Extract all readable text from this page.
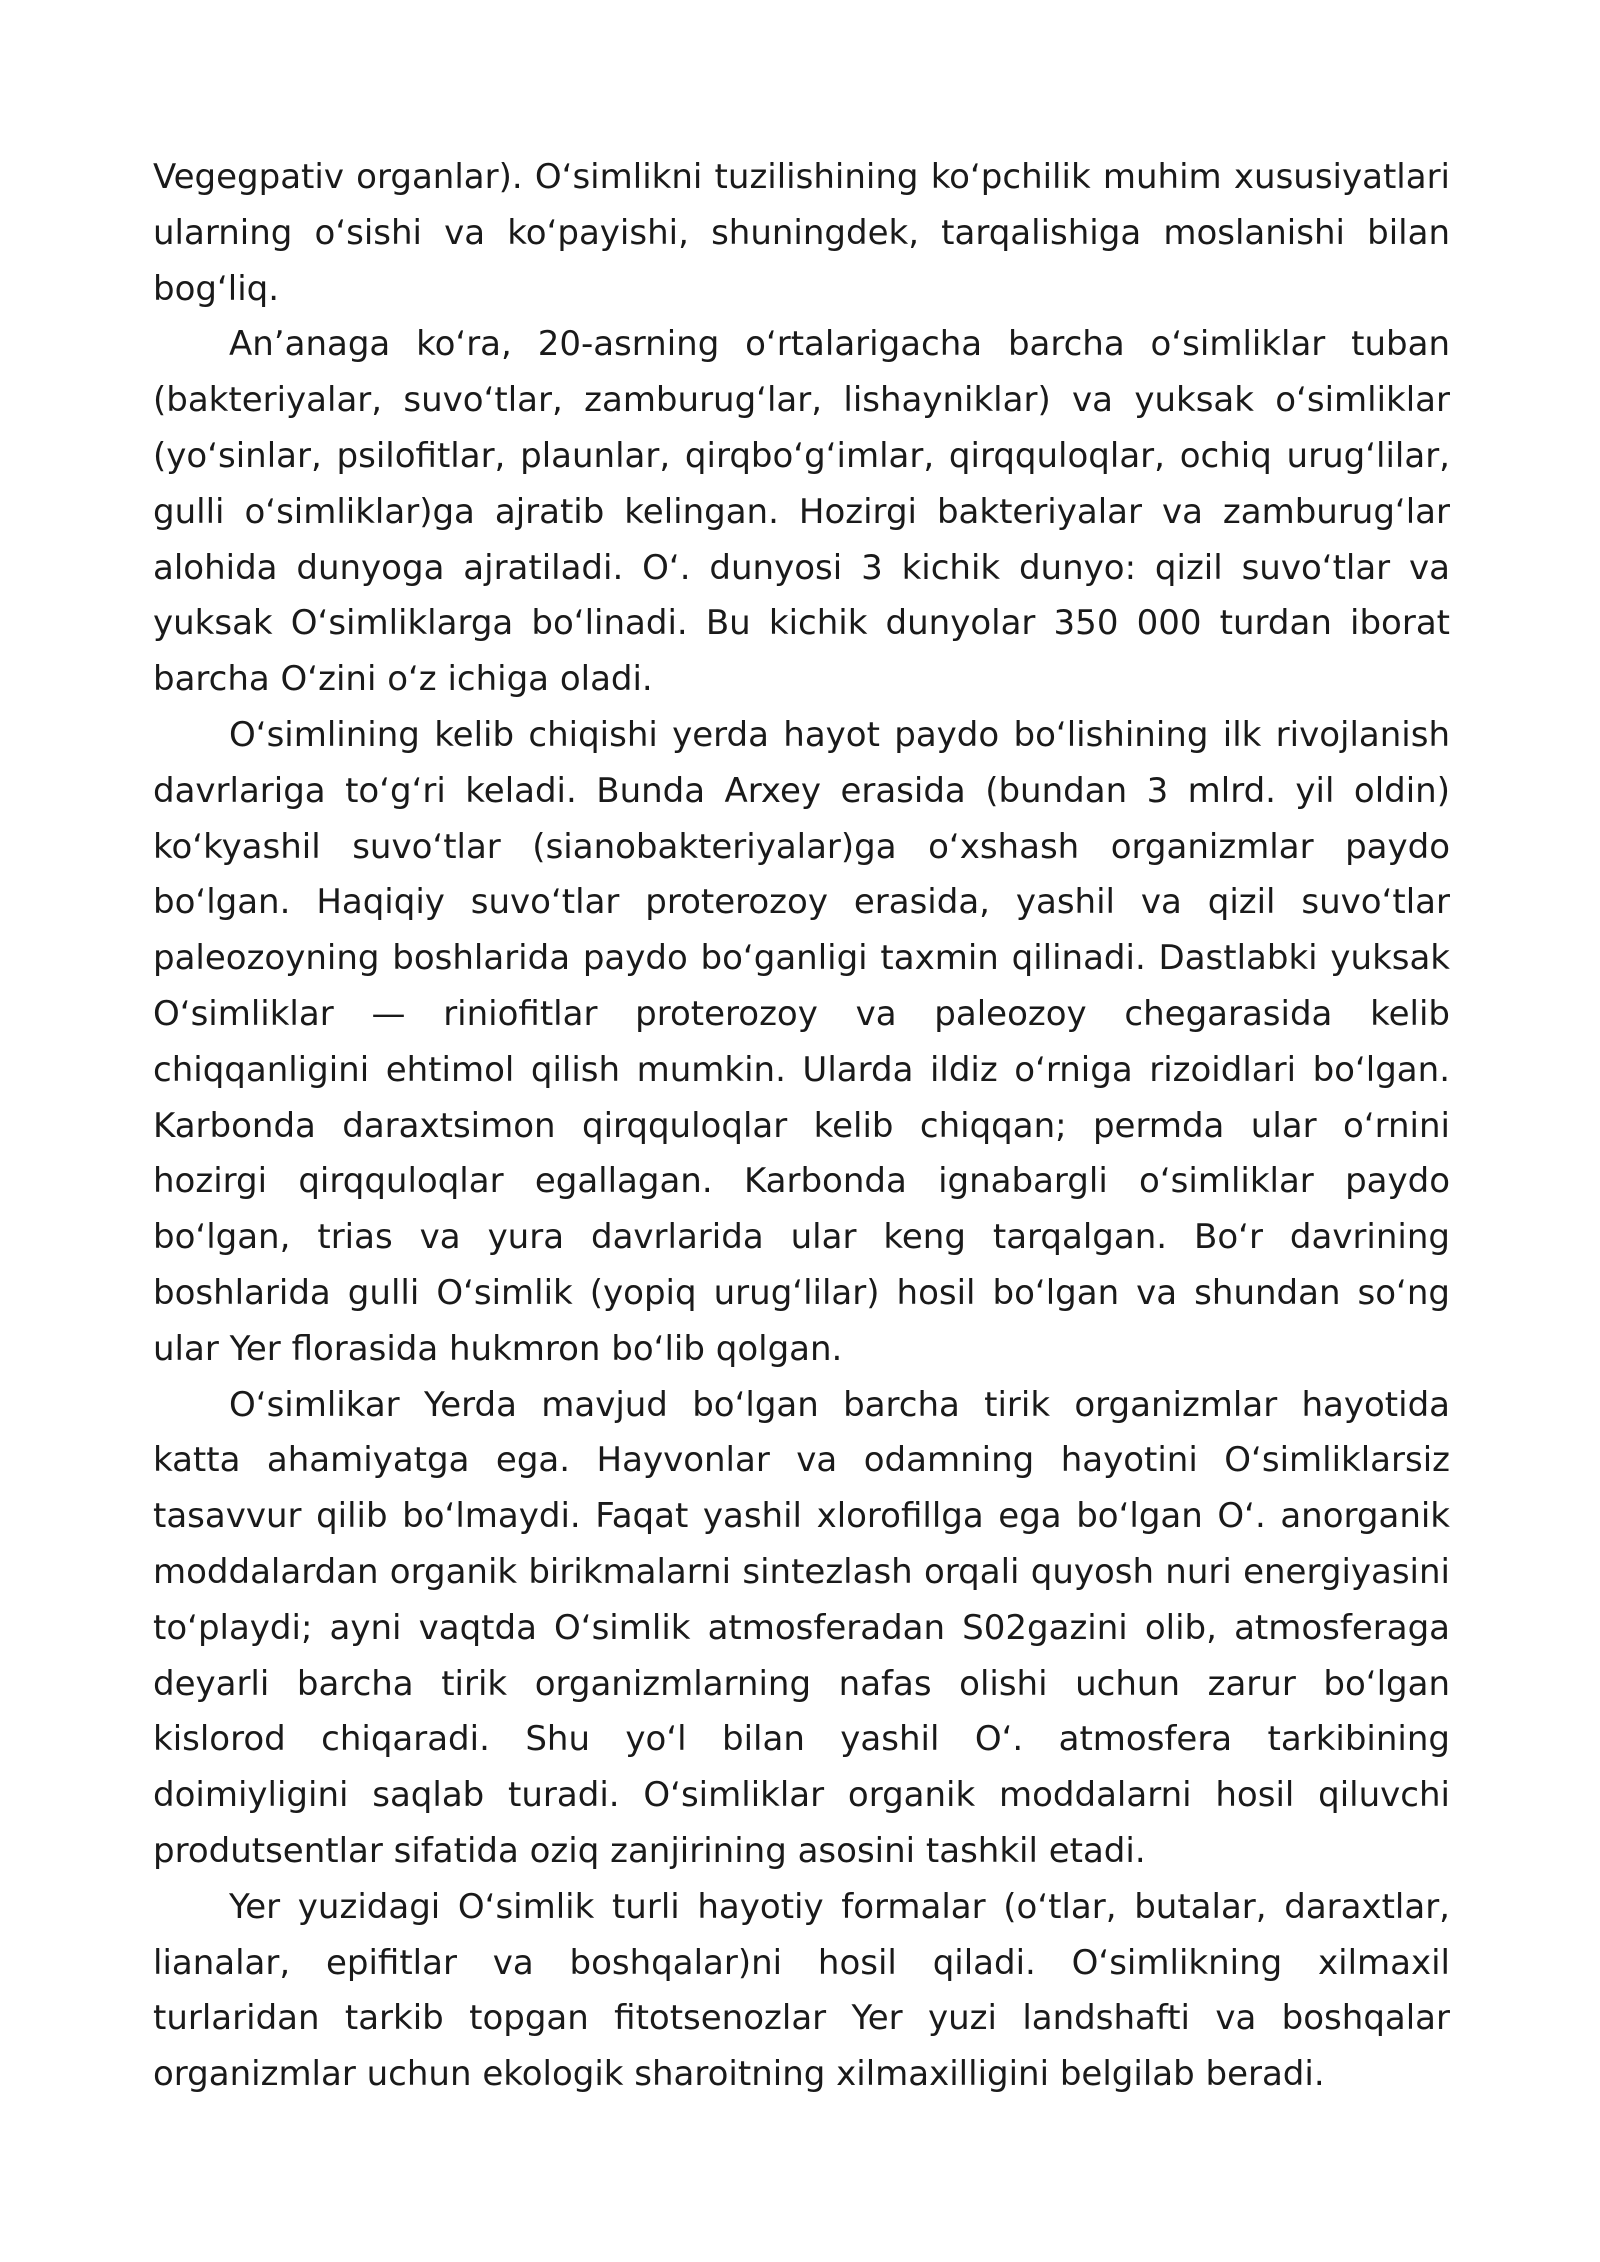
Vegegpativ organlar). Oʻsimlikni tuzilishining koʻpchilik muhim xususiyatlari ularning oʻsishi va koʻpayishi, shuningdek, tarqalishiga moslanishi bilan bogʻliq.

Anʼanaga koʻra, 20-asrning oʻrtalarigacha barcha oʻsimliklar tuban (bakteriyalar, suvoʻtlar, zamburugʻlar, lishayniklar) va yuksak oʻsimliklar (yoʻsinlar, psilofitlar, plaunlar, qirqboʻgʻimlar, qirqquloqlar, ochiq urugʻlilar, gulli oʻsimliklar)ga ajratib kelingan. Hozirgi bakteriyalar va zamburugʻlar alohida dunyoga ajratiladi. Oʻ. dunyosi 3 kichik dunyo: qizil suvoʻtlar va yuksak Oʻsimliklarga boʻlinadi. Bu kichik dunyolar 350 000 turdan iborat barcha Oʻzini oʻz ichiga oladi.

Oʻsimlining kelib chiqishi yerda hayot paydo boʻlishining ilk rivojlanish davrlariga toʻgʻri keladi. Bunda Arxey erasida (bundan 3 mlrd. yil oldin) koʻkyashil suvoʻtlar (sianobakteriyalar)ga oʻxshash organizmlar paydo boʻlgan. Haqiqiy suvoʻtlar proterozoy erasida, yashil va qizil suvoʻtlar paleozoyning boshlarida paydo boʻganligi taxmin qilinadi. Dastlabki yuksak Oʻsimliklar — riniofitlar proterozoy va paleozoy chegarasida kelib chiqqanligini ehtimol qilish mumkin. Ularda ildiz oʻrniga rizoidlari boʻlgan. Karbonda daraxtsimon qirqquloqlar kelib chiqqan; permda ular oʻrnini hozirgi qirqquloqlar egallagan. Karbonda ignabargli oʻsimliklar paydo boʻlgan, trias va yura davrlarida ular keng tarqalgan. Boʻr davrining boshlarida gulli Oʻsimlik (yopiq urugʻlilar) hosil boʻlgan va shundan soʻng ular Yer florasida hukmron boʻlib qolgan.

Oʻsimlikar Yerda mavjud boʻlgan barcha tirik organizmlar hayotida katta ahamiyatga ega. Hayvonlar va odamning hayotini Oʻsimliklarsiz tasavvur qilib boʻlmaydi. Faqat yashil xlorofillga ega boʻlgan Oʻ. anorganik moddalardan organik birikmalarni sintezlash orqali quyosh nuri energiyasini toʻplaydi; ayni vaqtda Oʻsimlik atmosferadan S02gazini olib, atmosferaga deyarli barcha tirik organizmlarning nafas olishi uchun zarur boʻlgan kislorod chiqaradi. Shu yoʻl bilan yashil Oʻ. atmosfera tarkibining doimiyligini saqlab turadi. Oʻsimliklar organik moddalarni hosil qiluvchi produtsentlar sifatida oziq zanjirining asosini tashkil etadi.

Yer yuzidagi Oʻsimlik turli hayotiy formalar (oʻtlar, butalar, daraxtlar, lianalar, epifitlar va boshqalar)ni hosil qiladi. Oʻsimlikning xilmaxil turlaridan tarkib topgan fitotsenozlar Yer yuzi landshafti va boshqalar organizmlar uchun ekologik sharoitning xilmaxilligini belgilab beradi.
